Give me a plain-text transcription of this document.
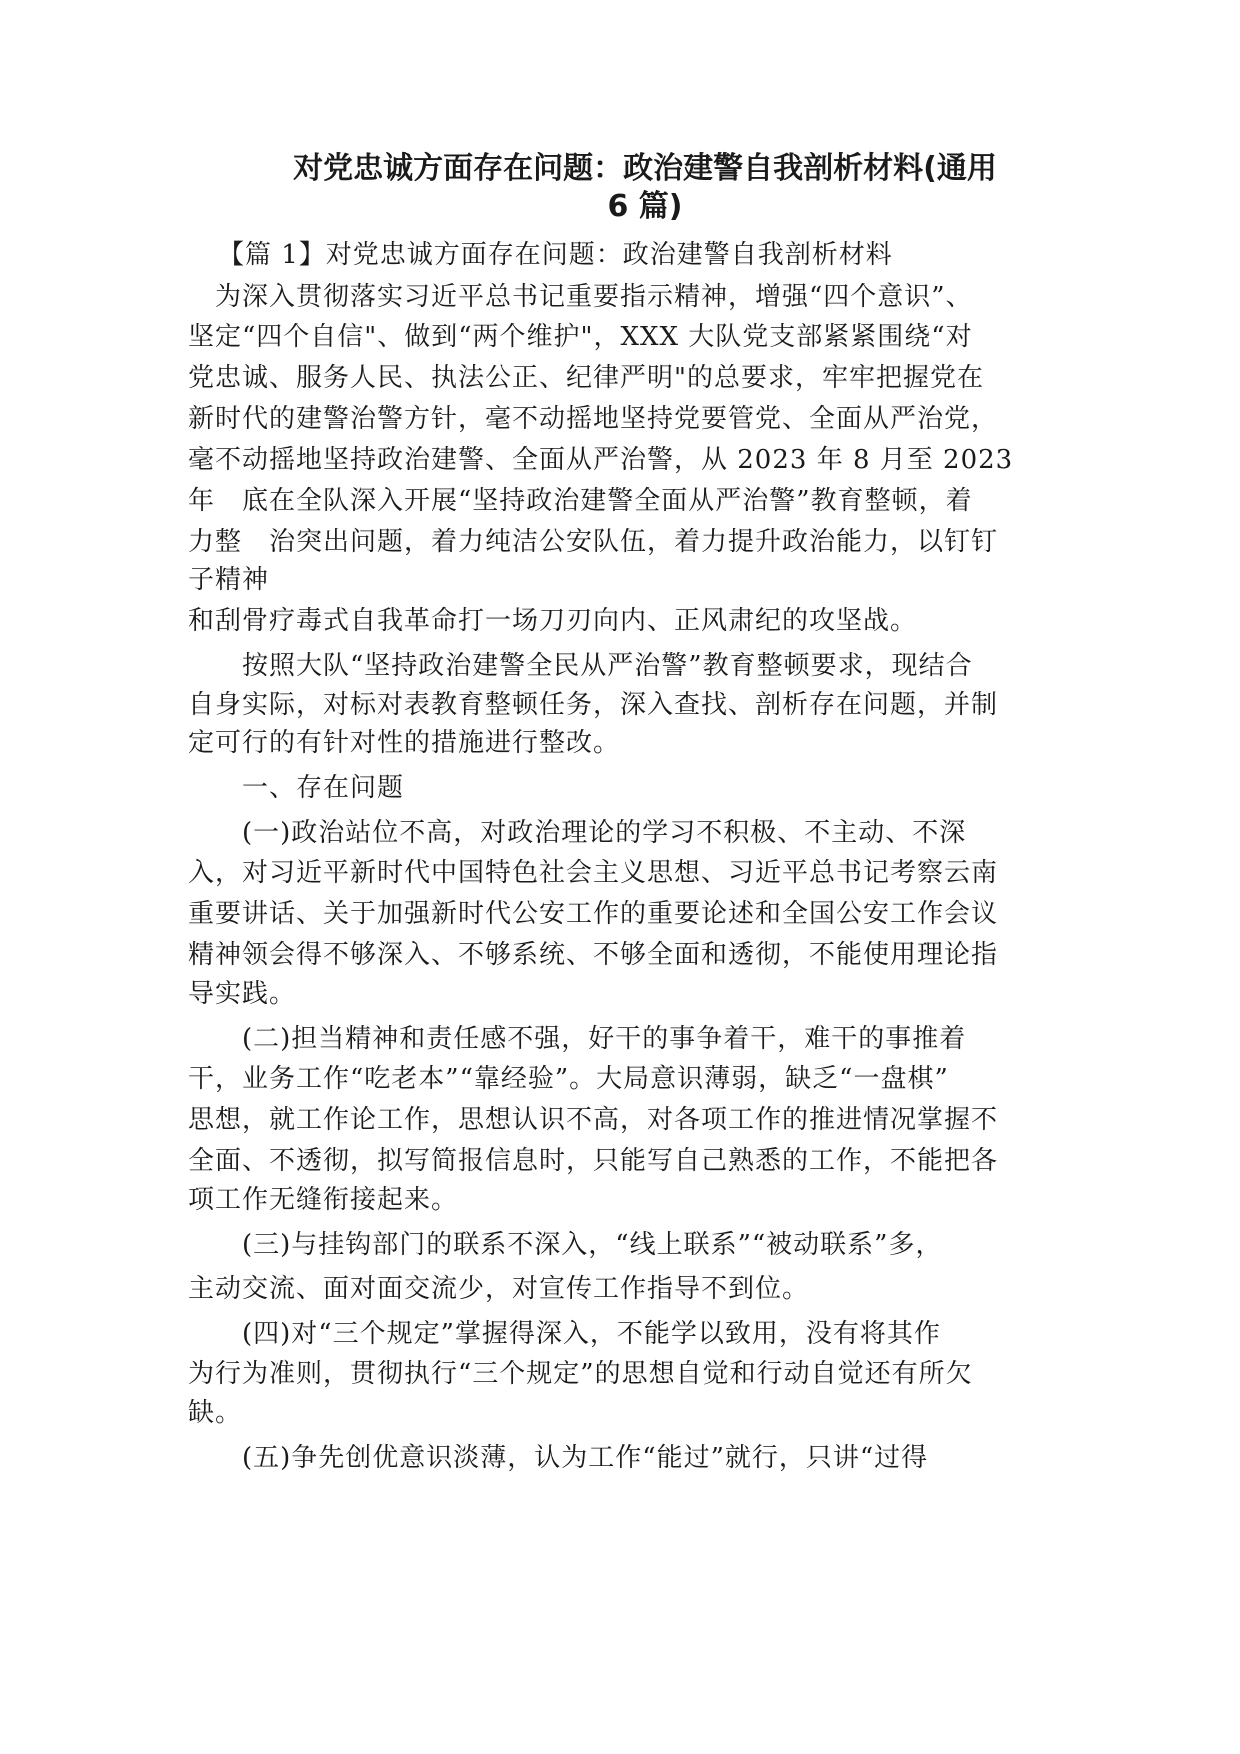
对党忠诚方面存在问题：政治建警自我剖析材料(通用
6 篇)

【篇 1】对党忠诚方面存在问题：政治建警自我剖析材料

　为深入贯彻落实习近平总书记重要指示精神，增强“四个意识”、

坚定“四个自信"、做到“两个维护"，XXX 大队党支部紧紧围绕“对

党忠诚、服务人民、执法公正、纪律严明"的总要求，牢牢把握党在

新时代的建警治警方针，毫不动摇地坚持党要管党、全面从严治党，

毫不动摇地坚持政治建警、全面从严治警，从 2023 年 8 月至 2023

年　底在全队深入开展“坚持政治建警全面从严治警”教育整顿，着

力整　治突出问题，着力纯洁公安队伍，着力提升政治能力，以钉钉

子精神

和刮骨疗毒式自我革命打一场刀刃向内、正风肃纪的攻坚战。

　　按照大队“坚持政治建警全民从严治警”教育整顿要求，现结合

自身实际，对标对表教育整顿任务，深入查找、剖析存在问题，并制

定可行的有针对性的措施进行整改。

　　一、存在问题

　　(一)政治站位不高，对政治理论的学习不积极、不主动、不深

入，对习近平新时代中国特色社会主义思想、习近平总书记考察云南

重要讲话、关于加强新时代公安工作的重要论述和全国公安工作会议

精神领会得不够深入、不够系统、不够全面和透彻，不能使用理论指

导实践。

　　(二)担当精神和责任感不强，好干的事争着干，难干的事推着

干，业务工作“吃老本”“靠经验”。大局意识薄弱，缺乏“一盘棋”

思想，就工作论工作，思想认识不高，对各项工作的推进情况掌握不

全面、不透彻，拟写简报信息时，只能写自己熟悉的工作，不能把各

项工作无缝衔接起来。

　　(三)与挂钩部门的联系不深入，“线上联系”“被动联系”多，

主动交流、面对面交流少，对宣传工作指导不到位。

　　(四)对“三个规定”掌握得深入，不能学以致用，没有将其作

为行为准则，贯彻执行“三个规定”的思想自觉和行动自觉还有所欠

缺。

　　(五)争先创优意识淡薄，认为工作“能过”就行，只讲“过得
